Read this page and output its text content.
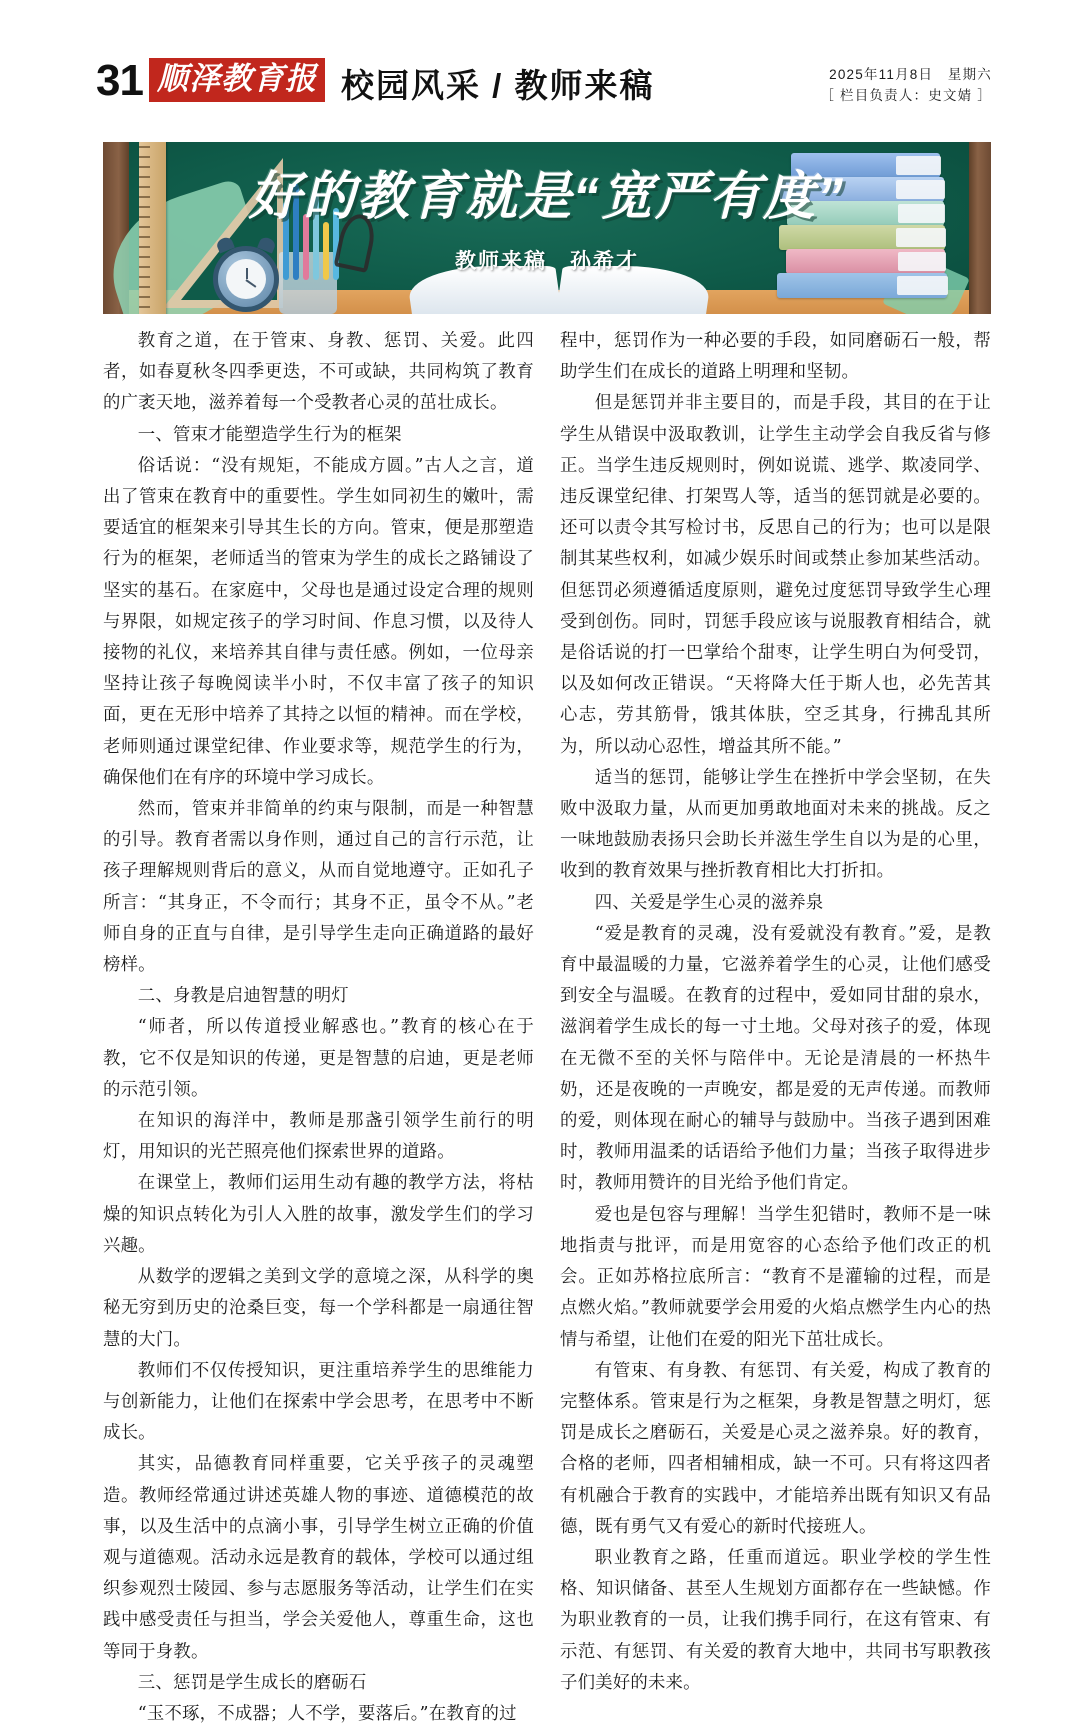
31 顺泽教育报 校园风采 / 教师来稿	2025年11月8日　星期六
［ 栏目负责人：史文婧 ］
好的教育就是“宽严有度”
教师来稿　孙希才

教育之道，在于管束、身教、惩罚、关爱。此四者，如春夏秋冬四季更迭，不可或缺，共同构筑了教育的广袤天地，滋养着每一个受教者心灵的茁壮成长。

一、管束才能塑造学生行为的框架

俗话说：“没有规矩，不能成方圆。”古人之言，道出了管束在教育中的重要性。学生如同初生的嫩叶，需要适宜的框架来引导其生长的方向。管束，便是那塑造行为的框架，老师适当的管束为学生的成长之路铺设了坚实的基石。在家庭中，父母也是通过设定合理的规则与界限，如规定孩子的学习时间、作息习惯，以及待人接物的礼仪，来培养其自律与责任感。例如，一位母亲坚持让孩子每晚阅读半小时，不仅丰富了孩子的知识面，更在无形中培养了其持之以恒的精神。而在学校，老师则通过课堂纪律、作业要求等，规范学生的行为，确保他们在有序的环境中学习成长。

然而，管束并非简单的约束与限制，而是一种智慧的引导。教育者需以身作则，通过自己的言行示范，让孩子理解规则背后的意义，从而自觉地遵守。正如孔子所言：“其身正，不令而行；其身不正，虽令不从。”老师自身的正直与自律，是引导学生走向正确道路的最好榜样。

二、身教是启迪智慧的明灯

“师者，所以传道授业解惑也。”教育的核心在于教，它不仅是知识的传递，更是智慧的启迪，更是老师的示范引领。

在知识的海洋中，教师是那盏引领学生前行的明灯，用知识的光芒照亮他们探索世界的道路。

在课堂上，教师们运用生动有趣的教学方法，将枯燥的知识点转化为引人入胜的故事，激发学生们的学习兴趣。

从数学的逻辑之美到文学的意境之深，从科学的奥秘无穷到历史的沧桑巨变，每一个学科都是一扇通往智慧的大门。

教师们不仅传授知识，更注重培养学生的思维能力与创新能力，让他们在探索中学会思考，在思考中不断成长。

其实，品德教育同样重要，它关乎孩子的灵魂塑造。教师经常通过讲述英雄人物的事迹、道德模范的故事，以及生活中的点滴小事，引导学生树立正确的价值观与道德观。活动永远是教育的载体，学校可以通过组织参观烈士陵园、参与志愿服务等活动，让学生们在实践中感受责任与担当，学会关爱他人，尊重生命，这也等同于身教。

三、惩罚是学生成长的磨砺石

“玉不琢，不成器；人不学，要落后。”在教育的过

程中，惩罚作为一种必要的手段，如同磨砺石一般，帮助学生们在成长的道路上明理和坚韧。

但是惩罚并非主要目的，而是手段，其目的在于让学生从错误中汲取教训，让学生主动学会自我反省与修正。当学生违反规则时，例如说谎、逃学、欺凌同学、违反课堂纪律、打架骂人等，适当的惩罚就是必要的。还可以责令其写检讨书，反思自己的行为；也可以是限制其某些权利，如减少娱乐时间或禁止参加某些活动。但惩罚必须遵循适度原则，避免过度惩罚导致学生心理受到创伤。同时，罚惩手段应该与说服教育相结合，就是俗话说的打一巴掌给个甜枣，让学生明白为何受罚，以及如何改正错误。“天将降大任于斯人也，必先苦其心志，劳其筋骨，饿其体肤，空乏其身，行拂乱其所为，所以动心忍性，增益其所不能。”

适当的惩罚，能够让学生在挫折中学会坚韧，在失败中汲取力量，从而更加勇敢地面对未来的挑战。反之一味地鼓励表扬只会助长并滋生学生自以为是的心里，收到的教育效果与挫折教育相比大打折扣。

四、关爱是学生心灵的滋养泉

“爱是教育的灵魂，没有爱就没有教育。”爱，是教育中最温暖的力量，它滋养着学生的心灵，让他们感受到安全与温暖。在教育的过程中，爱如同甘甜的泉水，滋润着学生成长的每一寸土地。父母对孩子的爱，体现在无微不至的关怀与陪伴中。无论是清晨的一杯热牛奶，还是夜晚的一声晚安，都是爱的无声传递。而教师的爱，则体现在耐心的辅导与鼓励中。当孩子遇到困难时，教师用温柔的话语给予他们力量；当孩子取得进步时，教师用赞许的目光给予他们肯定。

爱也是包容与理解！当学生犯错时，教师不是一味地指责与批评，而是用宽容的心态给予他们改正的机会。正如苏格拉底所言：“教育不是灌输的过程，而是点燃火焰。”教师就要学会用爱的火焰点燃学生内心的热情与希望，让他们在爱的阳光下茁壮成长。

有管束、有身教、有惩罚、有关爱，构成了教育的完整体系。管束是行为之框架，身教是智慧之明灯，惩罚是成长之磨砺石，关爱是心灵之滋养泉。好的教育，合格的老师，四者相辅相成，缺一不可。只有将这四者有机融合于教育的实践中，才能培养出既有知识又有品德，既有勇气又有爱心的新时代接班人。

职业教育之路，任重而道远。职业学校的学生性格、知识储备、甚至人生规划方面都存在一些缺憾。作为职业教育的一员，让我们携手同行，在这有管束、有示范、有惩罚、有关爱的教育大地中，共同书写职教孩子们美好的未来。
